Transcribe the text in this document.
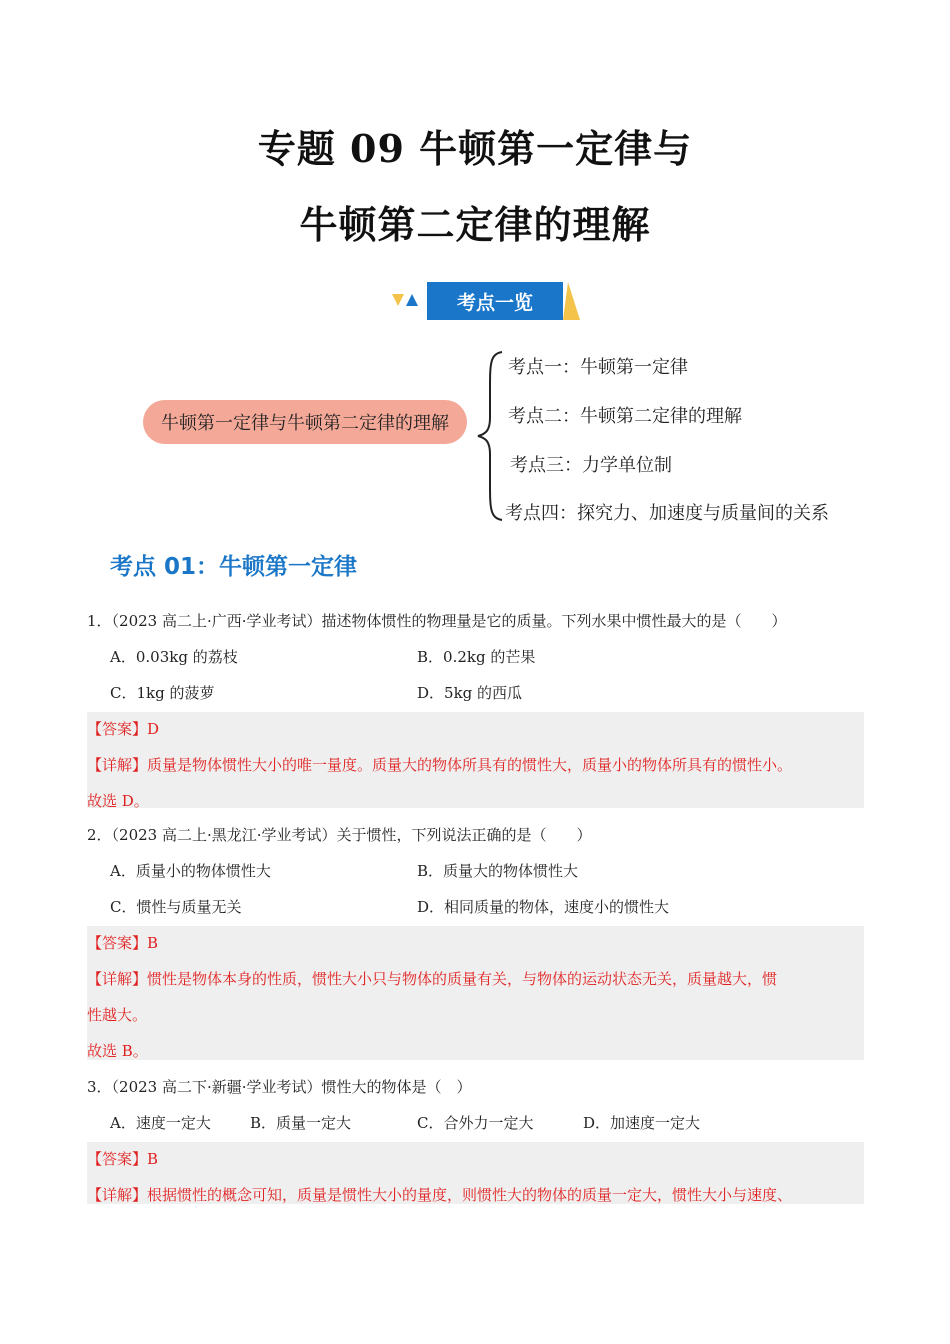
专题 09 牛顿第一定律与
牛顿第二定律的理解
考点一览
牛顿第一定律与牛顿第二定律的理解
考点一：牛顿第一定律
考点二：牛顿第二定律的理解
考点三：力学单位制
考点四：探究力、加速度与质量间的关系
考点 01：牛顿第一定律
1．（2023 高二上·广西·学业考试）描述物体惯性的物理量是它的质量。下列水果中惯性最大的是（　　）
A．0.03kg 的荔枝	B．0.2kg 的芒果
C．1kg 的菠萝	D．5kg 的西瓜
【答案】D
【详解】质量是物体惯性大小的唯一量度。质量大的物体所具有的惯性大，质量小的物体所具有的惯性小。
故选 D。
2．（2023 高二上·黑龙江·学业考试）关于惯性，下列说法正确的是（　　）
A．质量小的物体惯性大	B．质量大的物体惯性大
C．惯性与质量无关	D．相同质量的物体，速度小的惯性大
【答案】B
【详解】惯性是物体本身的性质，惯性大小只与物体的质量有关，与物体的运动状态无关，质量越大，惯
性越大。
故选 B。
3．（2023 高二下·新疆·学业考试）惯性大的物体是（　）
A．速度一定大	B．质量一定大	C．合外力一定大	D．加速度一定大
【答案】B
【详解】根据惯性的概念可知，质量是惯性大小的量度，则惯性大的物体的质量一定大，惯性大小与速度、
